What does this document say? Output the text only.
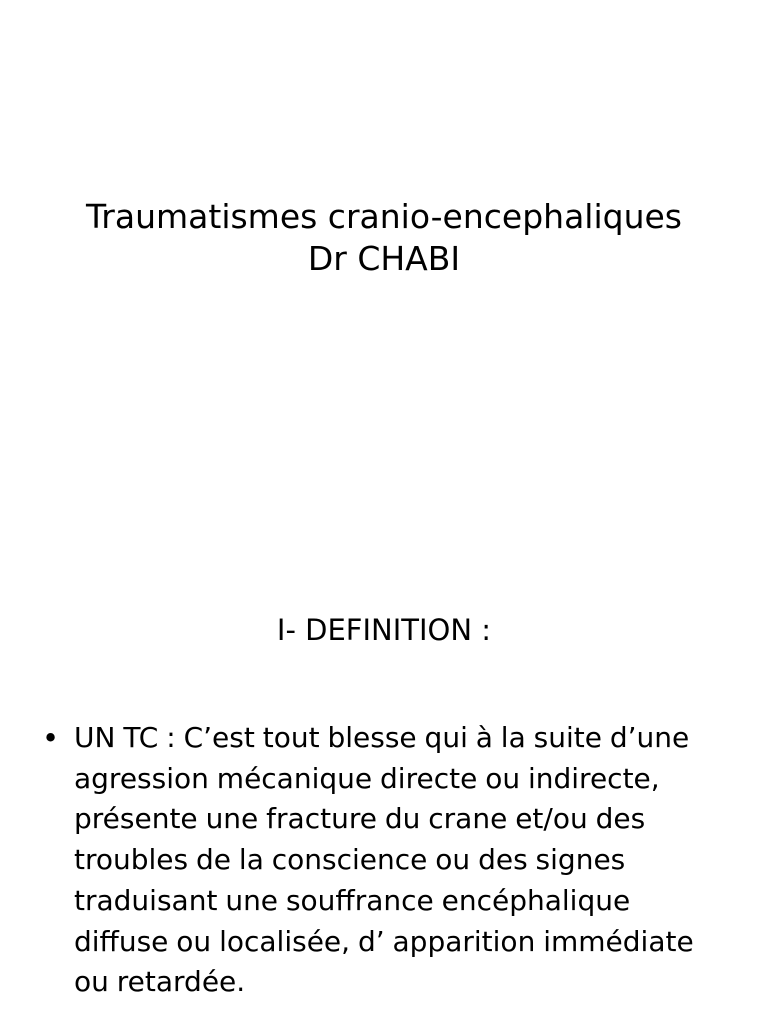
Traumatismes cranio-encephaliques
Dr CHABI
I- DEFINITION :
• UN TC : C’est tout blesse qui à la suite d’une
agression mécanique directe ou indirecte,
présente une fracture du crane et/ou des
troubles de la conscience ou des signes
traduisant une souffrance encéphalique
diffuse ou localisée, d’ apparition immédiate
ou retardée.
